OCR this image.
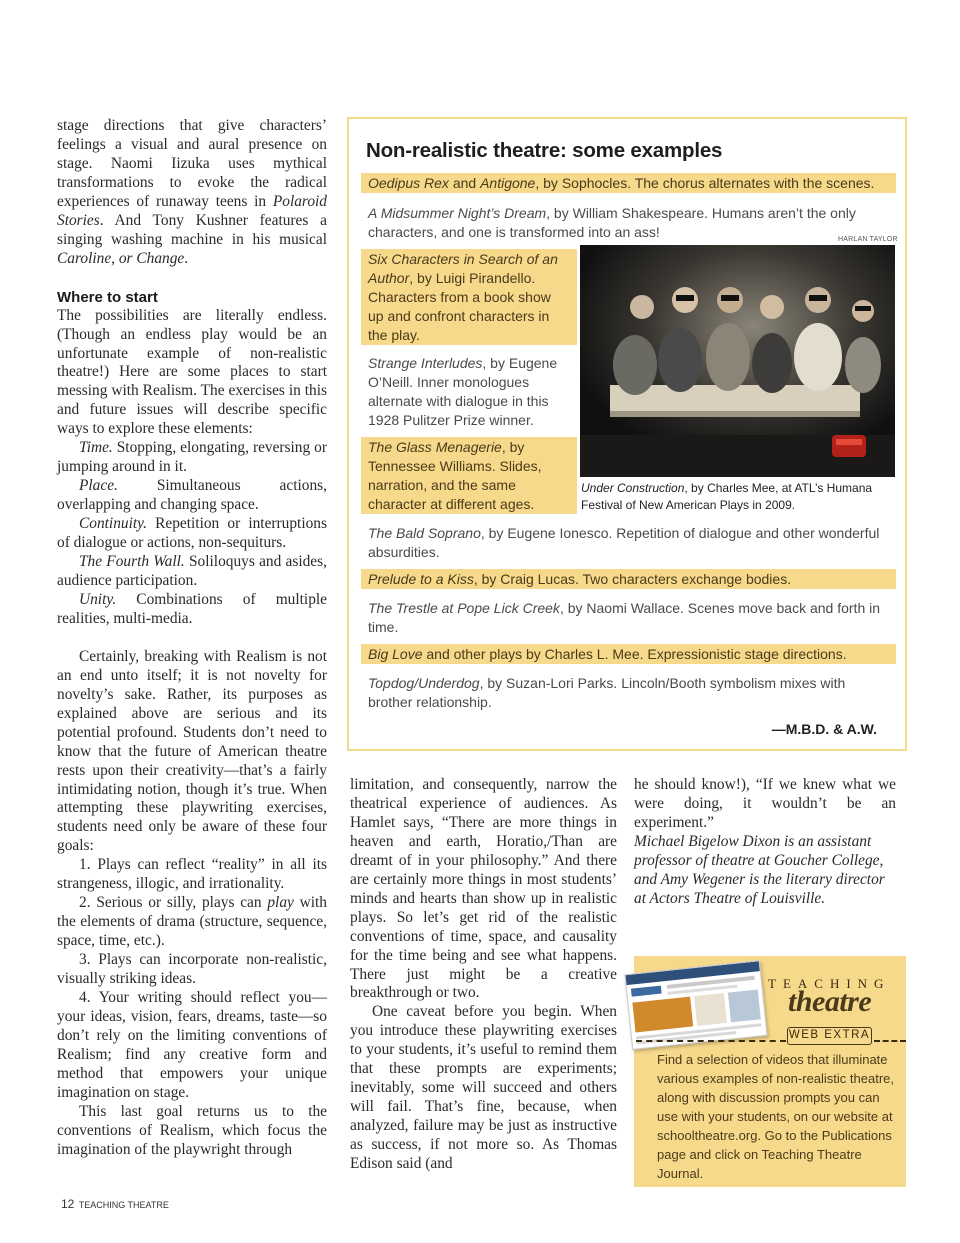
stage directions that give characters’ feelings a visual and aural presence on stage. Naomi Iizuka uses mythical transformations to evoke the radical experiences of runaway teens in Polaroid Stories. And Tony Kushner features a singing washing machine in his musical Caroline, or Change.

Where to start

The possibilities are literally endless. (Though an endless play would be an unfortunate example of non-realistic theatre!) Here are some places to start messing with Realism. The exercises in this and future issues will describe specific ways to explore these elements:

Time. Stopping, elongating, reversing or jumping around in it.

Place. Simultaneous actions, overlapping and changing space.

Continuity. Repetition or interruptions of dialogue or actions, non-sequiturs.

The Fourth Wall. Soliloquys and asides, audience participation.

Unity. Combinations of multiple realities, multi-media.

Certainly, breaking with Realism is not an end unto itself; it is not novelty for novelty’s sake. Rather, its purposes as explained above are serious and its potential profound. Students don’t need to know that the future of American theatre rests upon their creativity—that’s a fairly intimidating notion, though it’s true. When attempting these playwriting exercises, students need only be aware of these four goals:

1. Plays can reflect “reality” in all its strangeness, illogic, and irrationality.

2. Serious or silly, plays can play with the elements of drama (structure, sequence, space, time, etc.).

3. Plays can incorporate non-realistic, visually striking ideas.

4. Your writing should reflect you—your ideas, vision, fears, dreams, taste—so don’t rely on the limiting conventions of Realism; find any creative form and method that empowers your unique imagination on stage.

This last goal returns us to the conventions of Realism, which focus the imagination of the playwright through

Non-realistic theatre: some examples
Oedipus Rex and Antigone, by Sophocles. The chorus alternates with the scenes.
A Midsummer Night’s Dream, by William Shakespeare. Humans aren’t the only characters, and one is transformed into an ass!
Six Characters in Search of an Author, by Luigi Pirandello. Characters from a book show up and confront characters in the play.
Strange Interludes, by Eugene O’Neill. Inner monologues alternate with dialogue in this 1928 Pulitzer Prize winner.
The Glass Menagerie, by Tennessee Williams. Slides, narration, and the same character at different ages.
The Bald Soprano, by Eugene Ionesco. Repetition of dialogue and other wonderful absurdities.
Prelude to a Kiss, by Craig Lucas. Two characters exchange bodies.
The Trestle at Pope Lick Creek, by Naomi Wallace. Scenes move back and forth in time.
Big Love and other plays by Charles L. Mee. Expressionistic stage directions.
Topdog/Underdog, by Suzan-Lori Parks. Lincoln/Booth symbolism mixes with brother relationship.
—M.B.D. & A.W.
HARLAN TAYLOR
Under Construction, by Charles Mee, at ATL’s Humana Festival of New American Plays in 2009.

limitation, and consequently, narrow the theatrical experience of audiences. As Hamlet says, “There are more things in heaven and earth, Horatio,/Than are dreamt of in your philosophy.” And there are certainly more things in most students’ minds and hearts than show up in realistic plays. So let’s get rid of the realistic conventions of time, space, and causality for the time being and see what happens. There just might be a creative breakthrough or two.

One caveat before you begin. When you introduce these playwriting exercises to your students, it’s useful to remind them that these prompts are experiments; inevitably, some will succeed and others will fail. That’s fine, because, when analyzed, failure may be just as instructive as success, if not more so. As Thomas Edison said (and

he should know!), “If we knew what we were doing, it wouldn’t be an experiment.”

Michael Bigelow Dixon is an assistant professor of theatre at Goucher College, and Amy Wegener is the literary director at Actors Theatre of Louisville.

TEACHING
theatre
WEB EXTRA
Find a selection of videos that illuminate various examples of non-realistic theatre, along with discussion prompts you can use with your students, on our website at schooltheatre.org. Go to the Publications page and click on Teaching Theatre Journal.
12 TEACHING THEATRE
